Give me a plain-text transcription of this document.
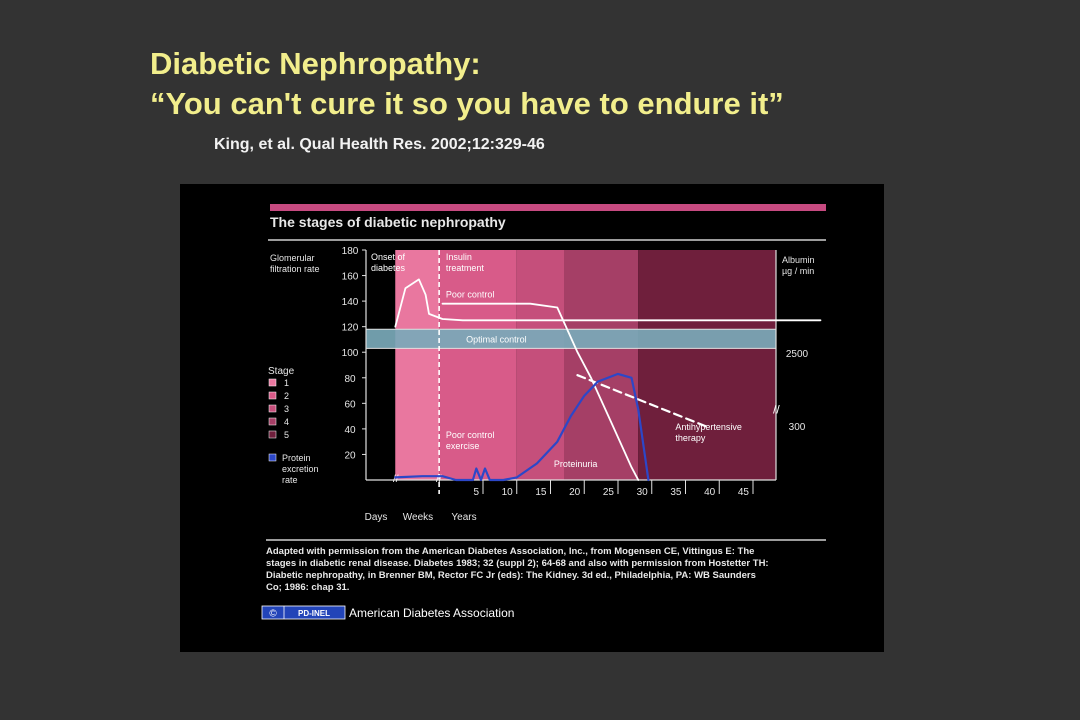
Diabetic Nephropathy:
“You can't cure it so you have to endure it”
King, et al. Qual Health Res. 2002;12:329-46
The stages of diabetic nephropathy
Optimal control
20
40
60
80
100
120
140
160
180
2500
300
//
Glomerular
filtration rate
Albumin
µg / min
5 10 15 20 25 30 35 40 45
//	//
Days Weeks Years
Stage
1
2
3
4
5
Protein
excretion
rate
Onset of
diabetes
Insulin
treatment
Poor control
Poor control
exercise
Proteinuria
Antihypertensive
therapy
Adapted with permission from the American Diabetes Association, Inc., from Mogensen CE, Vittingus E: The
stages in diabetic renal disease. Diabetes 1983; 32 (suppl 2); 64-68 and also with permission from Hostetter TH:
Diabetic nephropathy, in Brenner BM, Rector FC Jr (eds): The Kidney. 3d ed., Philadelphia, PA: WB Saunders
Co; 1986: chap 31.
©	PD-INEL American Diabetes Association
